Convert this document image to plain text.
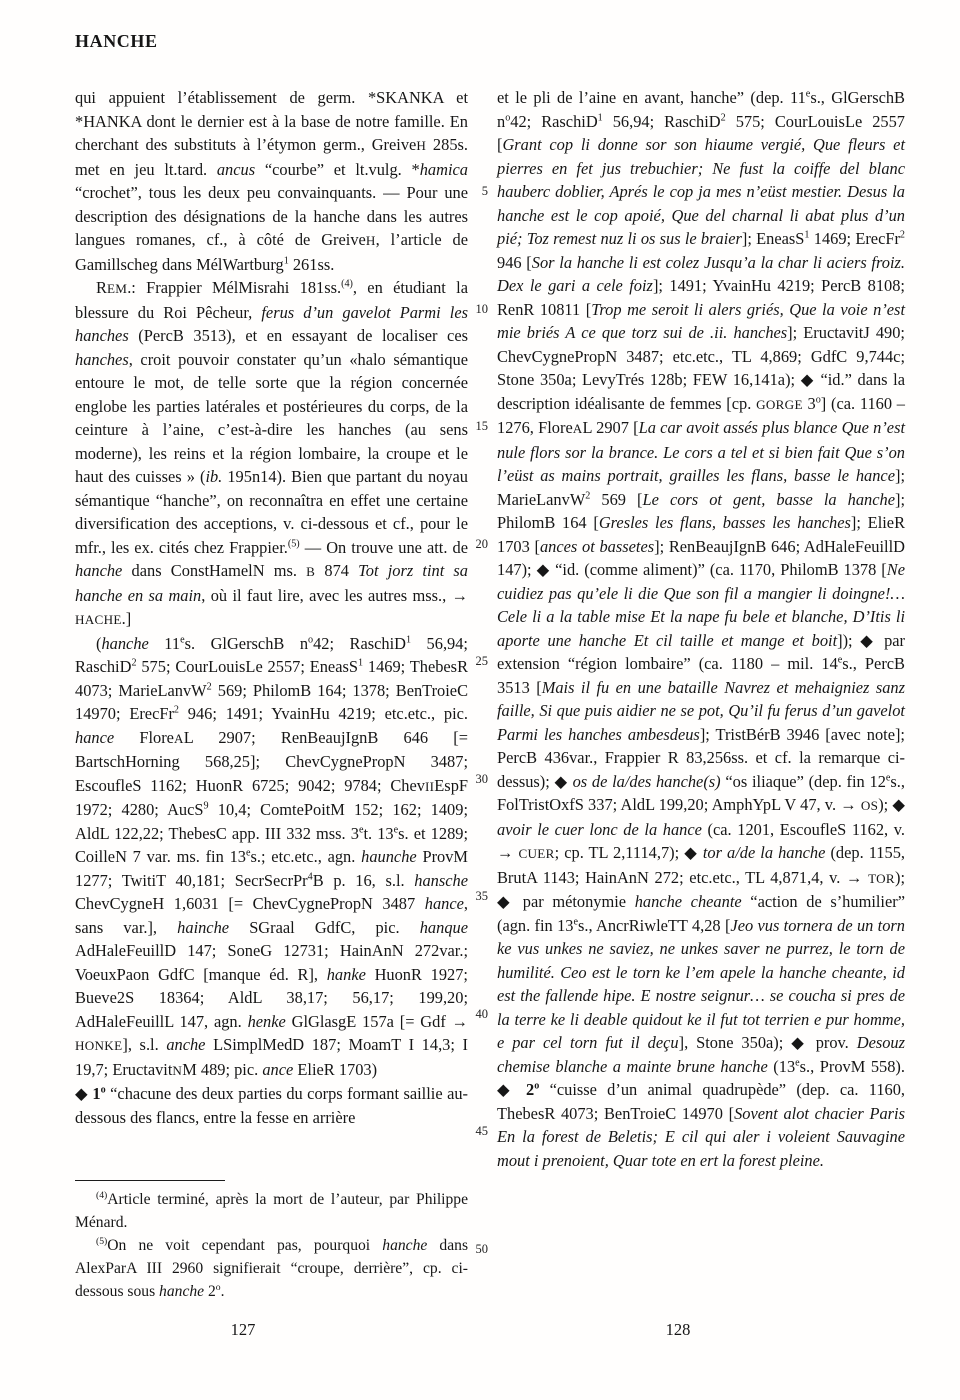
HANCHE
qui appuient l’établissement de germ. *SKANKA et *HANKA dont le dernier est à la base de notre famille. En cherchant des substituts à l’étymon germ., GreiveH 285s. met en jeu lt.tard. ancus “courbe” et lt.vulg. *hamica “crochet”, tous les deux peu convainquants. — Pour une description des désignations de la hanche dans les autres langues romanes, cf., à côté de GreiveH, l’article de Gamillscheg dans MélWartburg$^1$ 261ss.
REM.: Frappier MélMisrahi 181ss.$^{(4)}$, en étudiant la blessure du Roi Pêcheur, ferus d’un gavelot Parmi les hanches (PercB 3513), et en essayant de localiser ces hanches, croit pouvoir constater qu’un «halo sémantique entoure le mot, de telle sorte que la région concernée englobe les parties latérales et postérieures du corps, de la ceinture à l’aine, c’est-à-dire les hanches (au sens moderne), les reins et la région lombaire, la croupe et le haut des cuisses » (ib. 195n14). Bien que partant du noyau sémantique “hanche”, on reconnaîtra en effet une certaine diversification des acceptions, v. ci-dessous et cf., pour le mfr., les ex. cités chez Frappier.$^{(5)}$ — On trouve une att. de hanche dans ConstHamelN ms. B 874 Tot jorz tint sa hanche en sa main, où il faut lire, avec les autres mss., → HACHE.]
(hanche 11es. GlGerschB $n^o42$; RaschiD$^1$ 56,94; RaschiD$^2$ 575; CourLouisLe 2557; EneasS$^1$ 1469; ThebesR 4073; MarieLanvW$^2$ 569; PhilomB 164; 1378; BenTroieC 14970; ErecFr$^2$ 946; 1491; YvainHu 4219; etc.etc., pic. hance FloreAL 2907; RenBeaujIgnB 646 [= BartschHorning 568,25]; ChevCygnePropN 3487; EscoufleS 1162; HuonR 6725; 9042; 9784; ChevIIEspF 1972; 4280; AucS$^9$ 10,4; ComtePoitM 152; 162; 1409; AldL 122,22; ThebesC app. III 332 mss. 3et. 13es. et 1289; CoilleN 7 var. ms. fin 13es.; etc.etc., agn. haunche ProvM 1277; TwitiT 40,181; SecrSecrPr$^4$B p. 16, s.l. hansche ChevCygneH 1,6031 [= ChevCygnePropN 3487 hance, sans var.], hainche SGraal GdfC, pic. hanque AdHaleFeuillD 147; SoneG 12731; HainAnN 272var.; VoeuxPaon GdfC [manque éd. R], hanke HuonR 1927; Bueve2S 18364; AldL 38,17; 56,17; 199,20; AdHaleFeuillL 147, agn. henke GlGlasgE 157a [= Gdf → HONKE], s.l. anche LSimplMedD 187; MoamT I 14,3; I 19,7; EructavitNM 489; pic. ance ElieR 1703)
◆ 1$^o$ “chacune des deux parties du corps formant saillie au-dessous des flancs, entre la fesse en arrière
5
10
15
20
25
30
35
40
45
50
et le pli de l’aine en avant, hanche” (dep. 11es., GlGerschB $n^o42$; RaschiD$^1$ 56,94; RaschiD$^2$ 575; CourLouisLe 2557 [Grant cop li donne sor son hiaume vergié, Que fleurs et pierres en fet jus trebuchier; Ne fust la coiffe del blanc hauberc doblier, Aprés le cop ja mes n’eüst mestier. Desus la hanche est le cop apoié, Que del charnal li abat plus d’un pié; Toz remest nuz li os sus le braier]; EneasS$^1$ 1469; ErecFr$^2$ 946 [Sor la hanche li est colez Jusqu’a la char li aciers froiz. Dex le gari a cele foiz]; 1491; YvainHu 4219; PercB 8108; RenR 10811 [Trop me seroit li alers griés, Que la voie n’est mie briés A ce que torz sui de .ii. hanches]; EructavitJ 490; ChevCygnePropN 3487; etc.etc., TL 4,869; GdfC 9,744c; Stone 350a; LevyTrés 128b; FEW 16,141a); ◆ “id.” dans la description idéalisante de femmes [cp. GORGE 3$^o$] (ca. 1160 – 1276, FloreAL 2907 [La car avoit assés plus blance Que n’est nule flors sor la brance. Le cors a tel et si bien fait Que s’on l’eüst as mains portrait, grailles les flans, basse le hance]; MarieLanvW$^2$ 569 [Le cors ot gent, basse la hanche]; PhilomB 164 [Gresles les flans, basses les hanches]; ElieR 1703 [ances ot bassetes]; RenBeaujIgnB 646; AdHaleFeuillD 147); ◆ “id. (comme aliment)” (ca. 1170, PhilomB 1378 [Ne cuidiez pas qu’ele li die Que son fil a mangier li doingne!… Cele li a la table mise Et la nape fu bele et blanche, D’Itis li aporte une hanche Et cil taille et mange et boit]); ◆ par extension “région lombaire” (ca. 1180 – mil. 14es., PercB 3513 [Mais il fu en une bataille Navrez et mehaigniez sanz faille, Si que puis aidier ne se pot, Qu’il fu ferus d’un gavelot Parmi les hanches ambesdeus]; TristBérB 3946 [avec note]; PercB 436var., Frappier R 83,256ss. et cf. la remarque ci-dessus); ◆ os de la/des hanche(s) “os iliaque” (dep. fin 12es., FolTristOxfS 337; AldL 199,20; AmphYpL V 47, v. → OS); ◆ avoir le cuer lonc de la hance (ca. 1201, EscoufleS 1162, v. → CUER; cp. TL 2,1114,7); ◆ tor a/de la hanche (dep. 1155, BrutA 1143; HainAnN 272; etc.etc., TL 4,871,4, v. → TOR); ◆ par métonymie hanche cheante “action de s’humilier” (agn. fin 13es., AncrRiwleTT 4,28 [Jeo vus tornera de un torn ke vus unkes ne saviez, ne unkes saver ne purrez, le torn de humilité. Ceo est le torn ke l’em apele la hanche cheante, id est the fallende hipe. E nostre seignur… se coucha si pres de la terre ke li deable quidout ke il fut tot terrien e pur homme, e par cel torn fut il deçu], Stone 350a); ◆ prov. Desouz chemise blanche a mainte brune hanche (13es., ProvM 558). ◆ 2$^o$ “cuisse d’un animal quadrupède” (dep. ca. 1160, ThebesR 4073; BenTroieC 14970 [Sovent alot chacier Paris En la forest de Beletis; E cil qui aler i voleient Sauvagine mout i prenoient, Quar tote en ert la forest pleine.
$^{(4)}$Article terminé, après la mort de l’auteur, par Philippe Ménard.
$^{(5)}$On ne voit cependant pas, pourquoi hanche dans AlexParA III 2960 signifierait “croupe, derrière”, cp. ci-dessous sous hanche 2$^o$.
127	128
